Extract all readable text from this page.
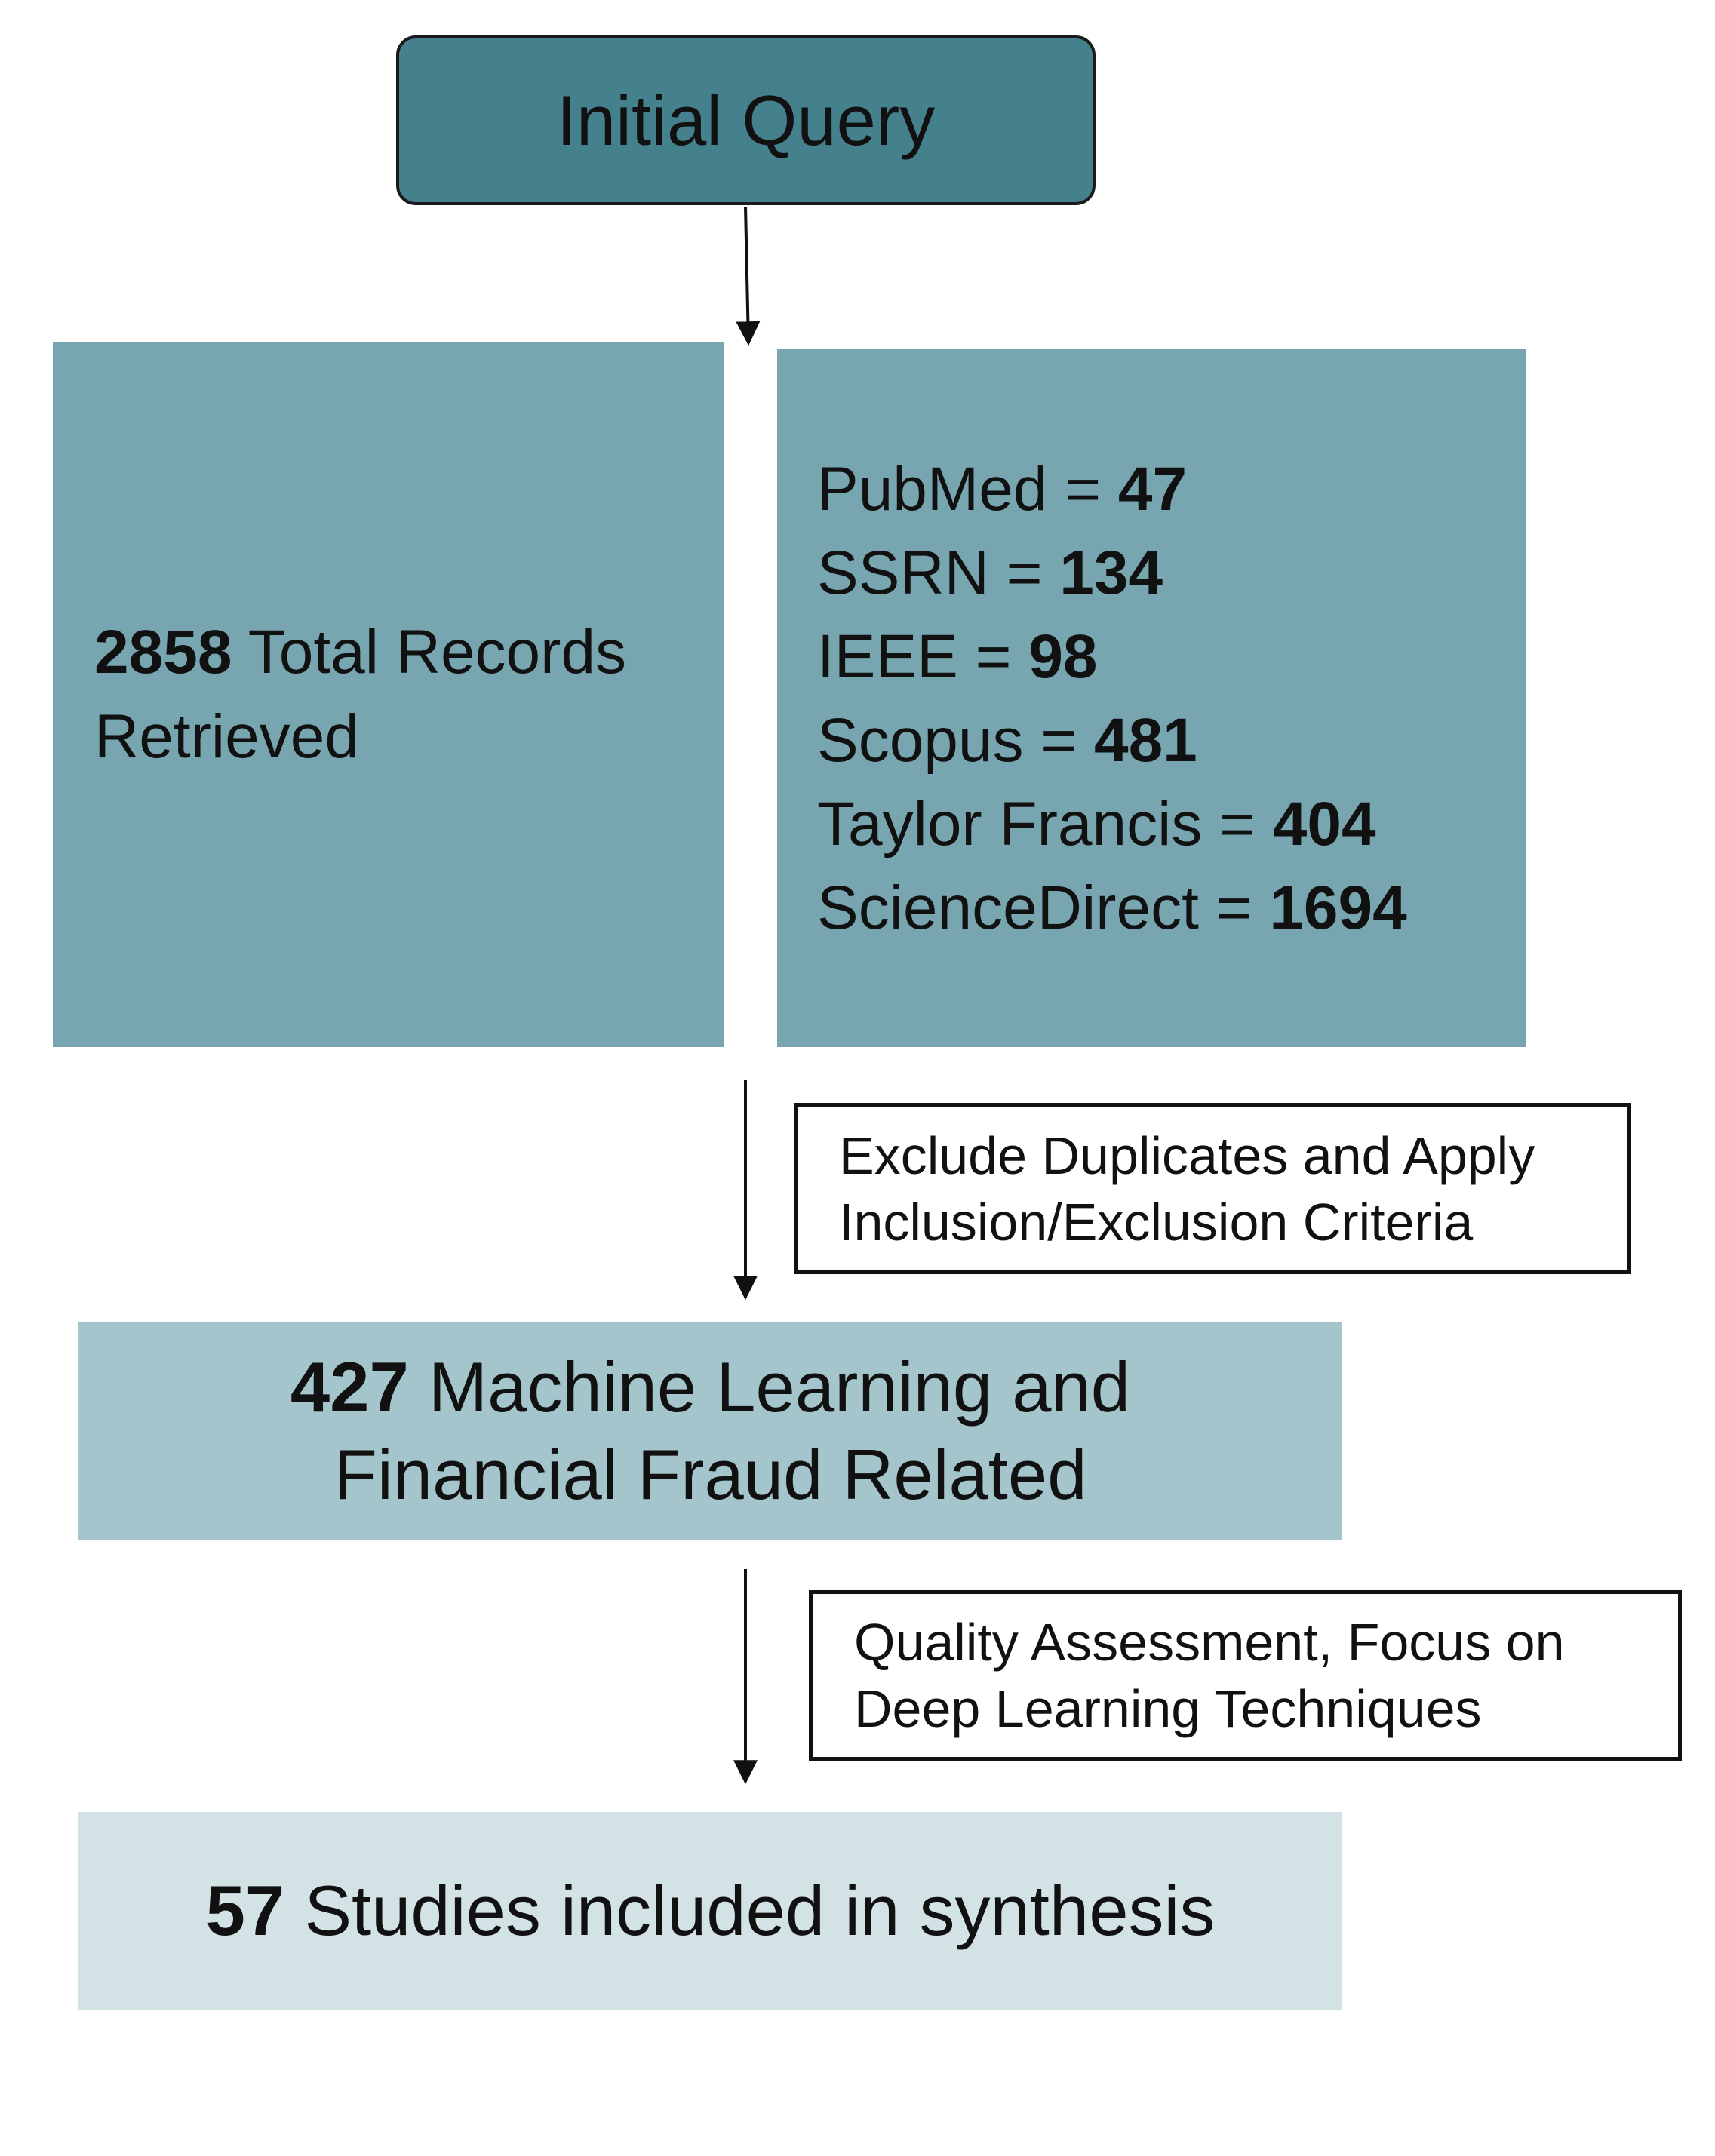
Initial Query
2858 Total Records
Retrieved
PubMed = 47
SSRN = 134
IEEE = 98
Scopus = 481
Taylor Francis = 404
ScienceDirect = 1694
Exclude Duplicates and Apply
Inclusion/Exclusion Criteria
427 Machine Learning and
Financial Fraud Related
Quality Assessment, Focus on
Deep Learning Techniques
57 Studies included in synthesis
